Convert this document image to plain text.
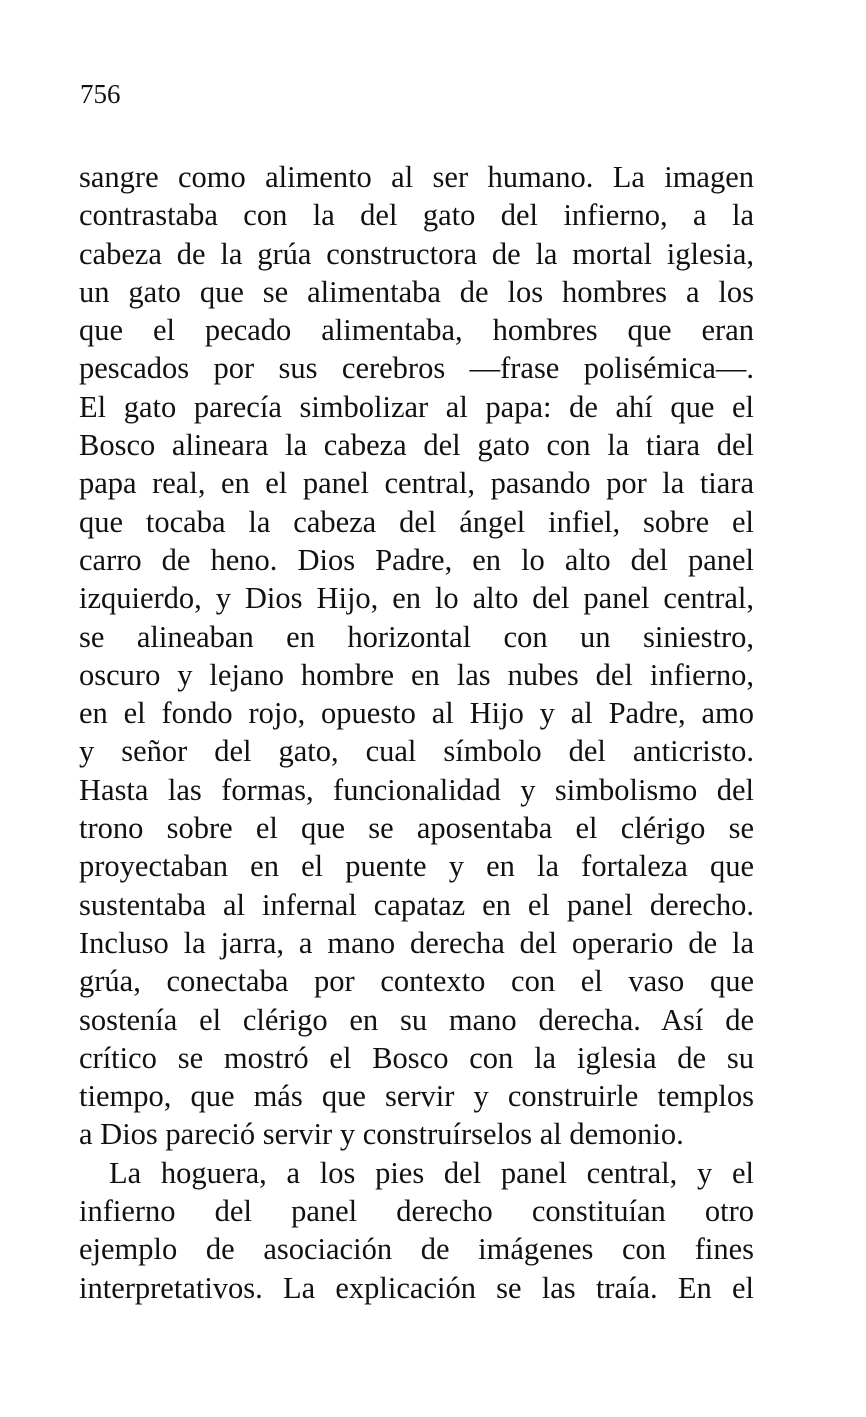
756
sangre como alimento al ser humano. La imagen
contrastaba con la del gato del infierno, a la
cabeza de la grúa constructora de la mortal iglesia,
un gato que se alimentaba de los hombres a los
que el pecado alimentaba, hombres que eran
pescados por sus cerebros —frase polisémica—.
El gato parecía simbolizar al papa: de ahí que el
Bosco alineara la cabeza del gato con la tiara del
papa real, en el panel central, pasando por la tiara
que tocaba la cabeza del ángel infiel, sobre el
carro de heno. Dios Padre, en lo alto del panel
izquierdo, y Dios Hijo, en lo alto del panel central,
se alineaban en horizontal con un siniestro,
oscuro y lejano hombre en las nubes del infierno,
en el fondo rojo, opuesto al Hijo y al Padre, amo
y señor del gato, cual símbolo del anticristo.
Hasta las formas, funcionalidad y simbolismo del
trono sobre el que se aposentaba el clérigo se
proyectaban en el puente y en la fortaleza que
sustentaba al infernal capataz en el panel derecho.
Incluso la jarra, a mano derecha del operario de la
grúa, conectaba por contexto con el vaso que
sostenía el clérigo en su mano derecha. Así de
crítico se mostró el Bosco con la iglesia de su
tiempo, que más que servir y construirle templos
a Dios pareció servir y construírselos al demonio.
La hoguera, a los pies del panel central, y el
infierno del panel derecho constituían otro
ejemplo de asociación de imágenes con fines
interpretativos. La explicación se las traía. En el
